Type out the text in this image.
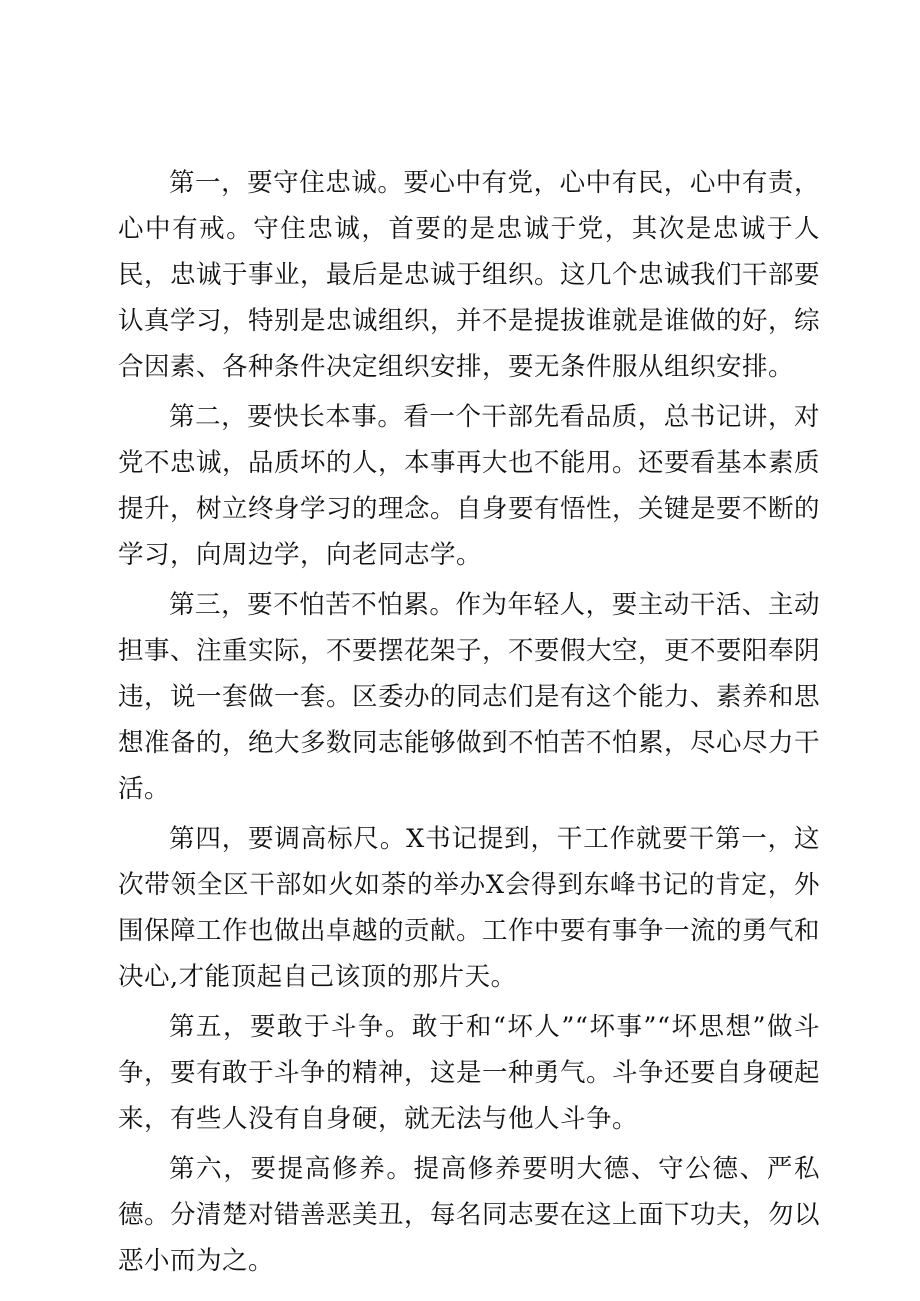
第一，要守住忠诚。要心中有党，心中有民，心中有责，心中有戒。守住忠诚，首要的是忠诚于党，其次是忠诚于人民，忠诚于事业，最后是忠诚于组织。这几个忠诚我们干部要认真学习，特别是忠诚组织，并不是提拔谁就是谁做的好，综合因素、各种条件决定组织安排，要无条件服从组织安排。

第二，要快长本事。看一个干部先看品质，总书记讲，对党不忠诚，品质坏的人，本事再大也不能用。还要看基本素质提升，树立终身学习的理念。自身要有悟性，关键是要不断的学习，向周边学，向老同志学。

第三，要不怕苦不怕累。作为年轻人，要主动干活、主动担事、注重实际，不要摆花架子，不要假大空，更不要阳奉阴违，说一套做一套。区委办的同志们是有这个能力、素养和思想准备的，绝大多数同志能够做到不怕苦不怕累，尽心尽力干活。

第四，要调高标尺。X书记提到，干工作就要干第一，这次带领全区干部如火如荼的举办X会得到东峰书记的肯定，外围保障工作也做出卓越的贡献。工作中要有事争一流的勇气和决心,才能顶起自己该顶的那片天。

第五，要敢于斗争。敢于和“坏人”“坏事”“坏思想”做斗争，要有敢于斗争的精神，这是一种勇气。斗争还要自身硬起来，有些人没有自身硬，就无法与他人斗争。

第六，要提高修养。提高修养要明大德、守公德、严私德。分清楚对错善恶美丑，每名同志要在这上面下功夫，勿以恶小而为之。
